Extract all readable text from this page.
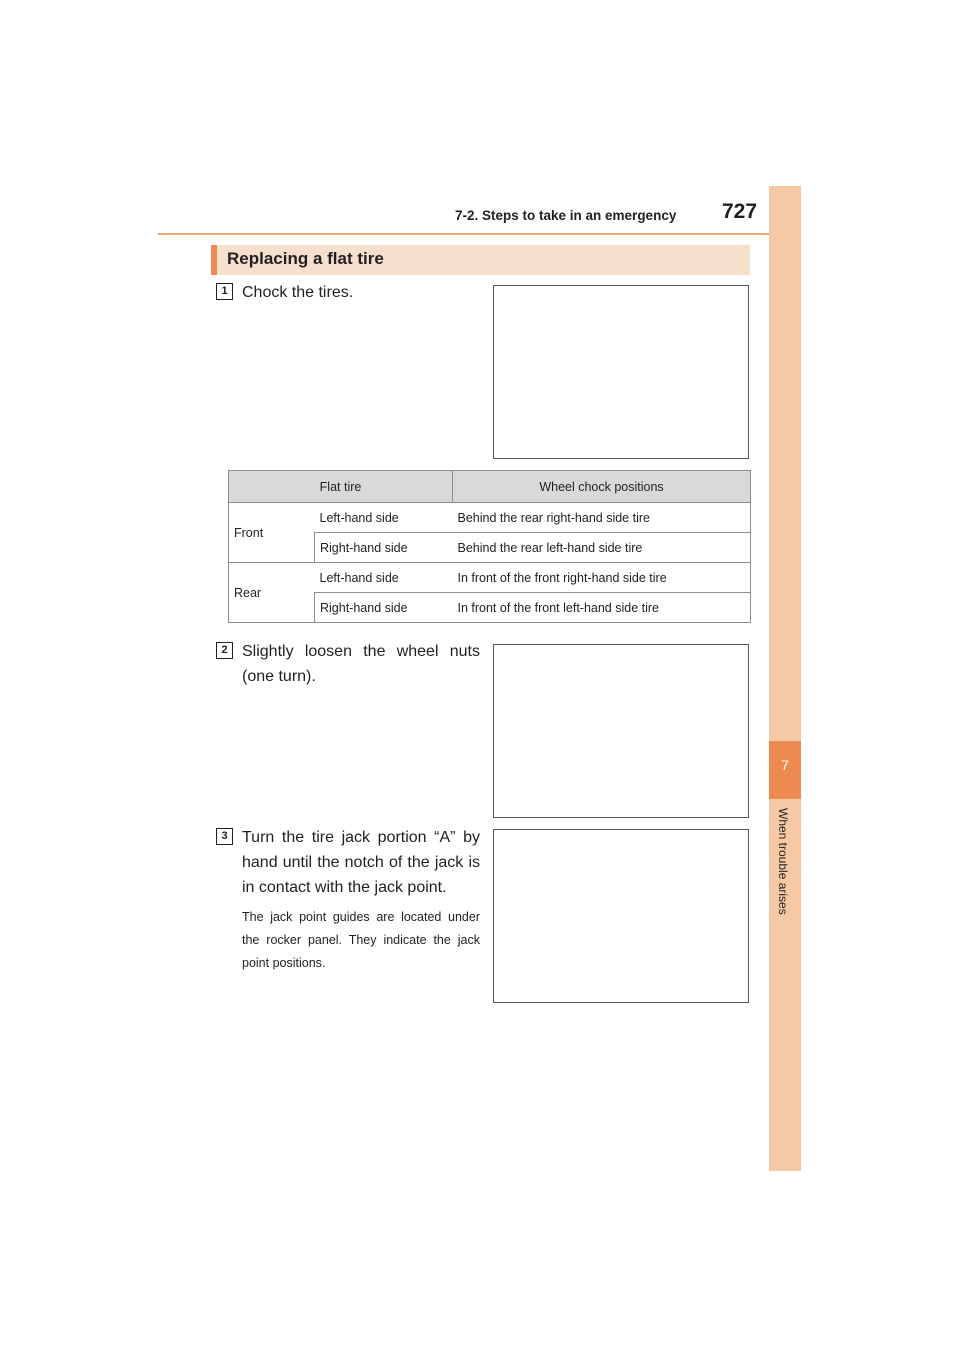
7-2. Steps to take in an emergency 727
7
When trouble arises
Replacing a flat tire
1 Chock the tires.
Flat tire		Wheel chock positions
Front	Left-hand side	Behind the rear right-hand side tire
	Right-hand side	Behind the rear left-hand side tire
Rear	Left-hand side	In front of the front right-hand side tire
	Right-hand side	In front of the front left-hand side tire
2 Slightly loosen the wheel nuts (one turn).
3 Turn the tire jack portion “A” by hand until the notch of the jack is in contact with the jack point.
The jack point guides are located under the rocker panel. They indicate the jack point positions.
